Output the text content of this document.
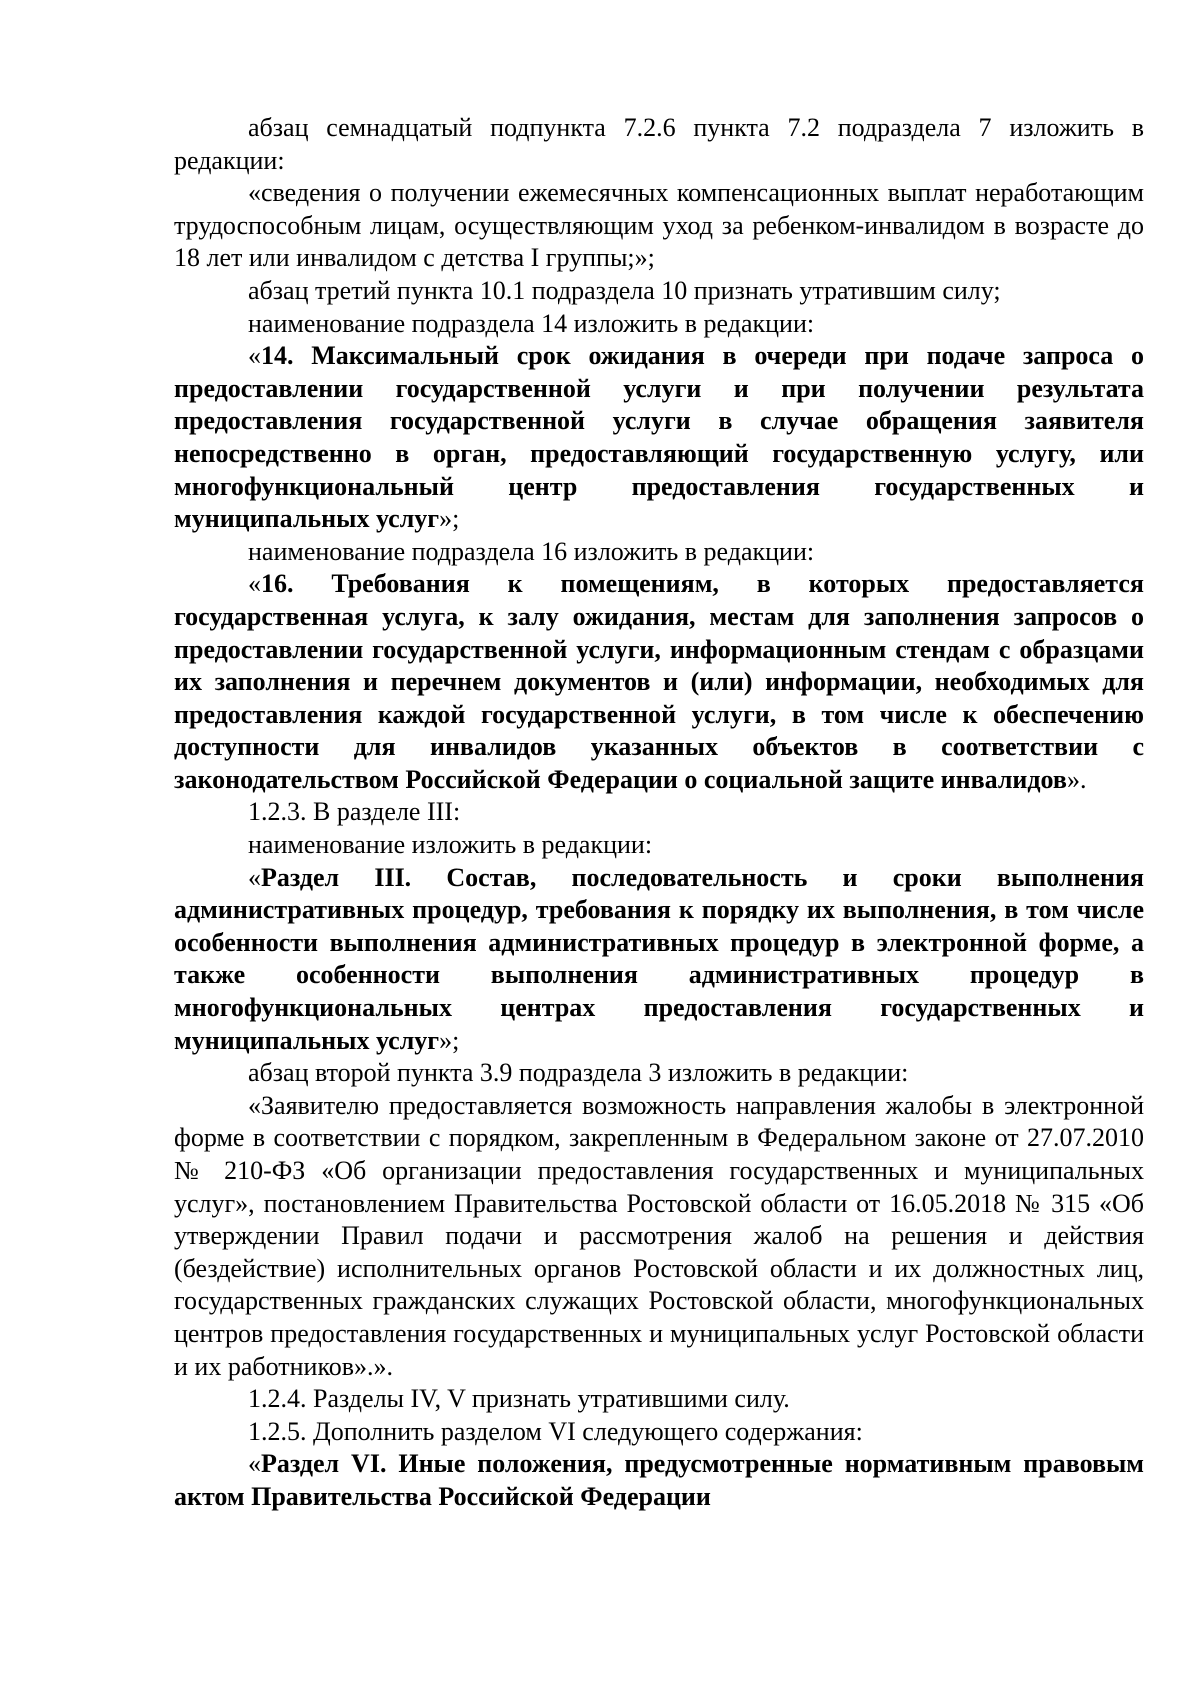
абзац семнадцатый подпункта 7.2.6 пункта 7.2 подраздела 7 изложить в редакции:

«сведения о получении ежемесячных компенсационных выплат неработающим трудоспособным лицам, осуществляющим уход за ребенком-инвалидом в возрасте до 18 лет или инвалидом с детства I группы;»;

абзац третий пункта 10.1 подраздела 10 признать утратившим силу;

наименование подраздела 14 изложить в редакции:

«14. Максимальный срок ожидания в очереди при подаче запроса о предоставлении государственной услуги и при получении результата предоставления государственной услуги в случае обращения заявителя непосредственно в орган, предоставляющий государственную услугу, или многофункциональный центр предоставления государственных и муниципальных услуг»;

наименование подраздела 16 изложить в редакции:

«16. Требования к помещениям, в которых предоставляется государственная услуга, к залу ожидания, местам для заполнения запросов о предоставлении государственной услуги, информационным стендам с образцами их заполнения и перечнем документов и (или) информации, необходимых для предоставления каждой государственной услуги, в том числе к обеспечению доступности для инвалидов указанных объектов в соответствии с законодательством Российской Федерации о социальной защите инвалидов».

1.2.3. В разделе III:

наименование изложить в редакции:

«Раздел III. Состав, последовательность и сроки выполнения административных процедур, требования к порядку их выполнения, в том числе особенности выполнения административных процедур в электронной форме, а также особенности выполнения административных процедур в многофункциональных центрах предоставления государственных и муниципальных услуг»;

абзац второй пункта 3.9 подраздела 3 изложить в редакции:

«Заявителю предоставляется возможность направления жалобы в электронной форме в соответствии с порядком, закрепленным в Федеральном законе от 27.07.2010 № 210-ФЗ «Об организации предоставления государственных и муниципальных услуг», постановлением Правительства Ростовской области от 16.05.2018 № 315 «Об утверждении Правил подачи и рассмотрения жалоб на решения и действия (бездействие) исполнительных органов Ростовской области и их должностных лиц, государственных гражданских служащих Ростовской области, многофункциональных центров предоставления государственных и муниципальных услуг Ростовской области и их работников».».

1.2.4. Разделы IV, V признать утратившими силу.

1.2.5. Дополнить разделом VI следующего содержания:

«Раздел VI. Иные положения, предусмотренные нормативным правовым актом Правительства Российской Федерации
